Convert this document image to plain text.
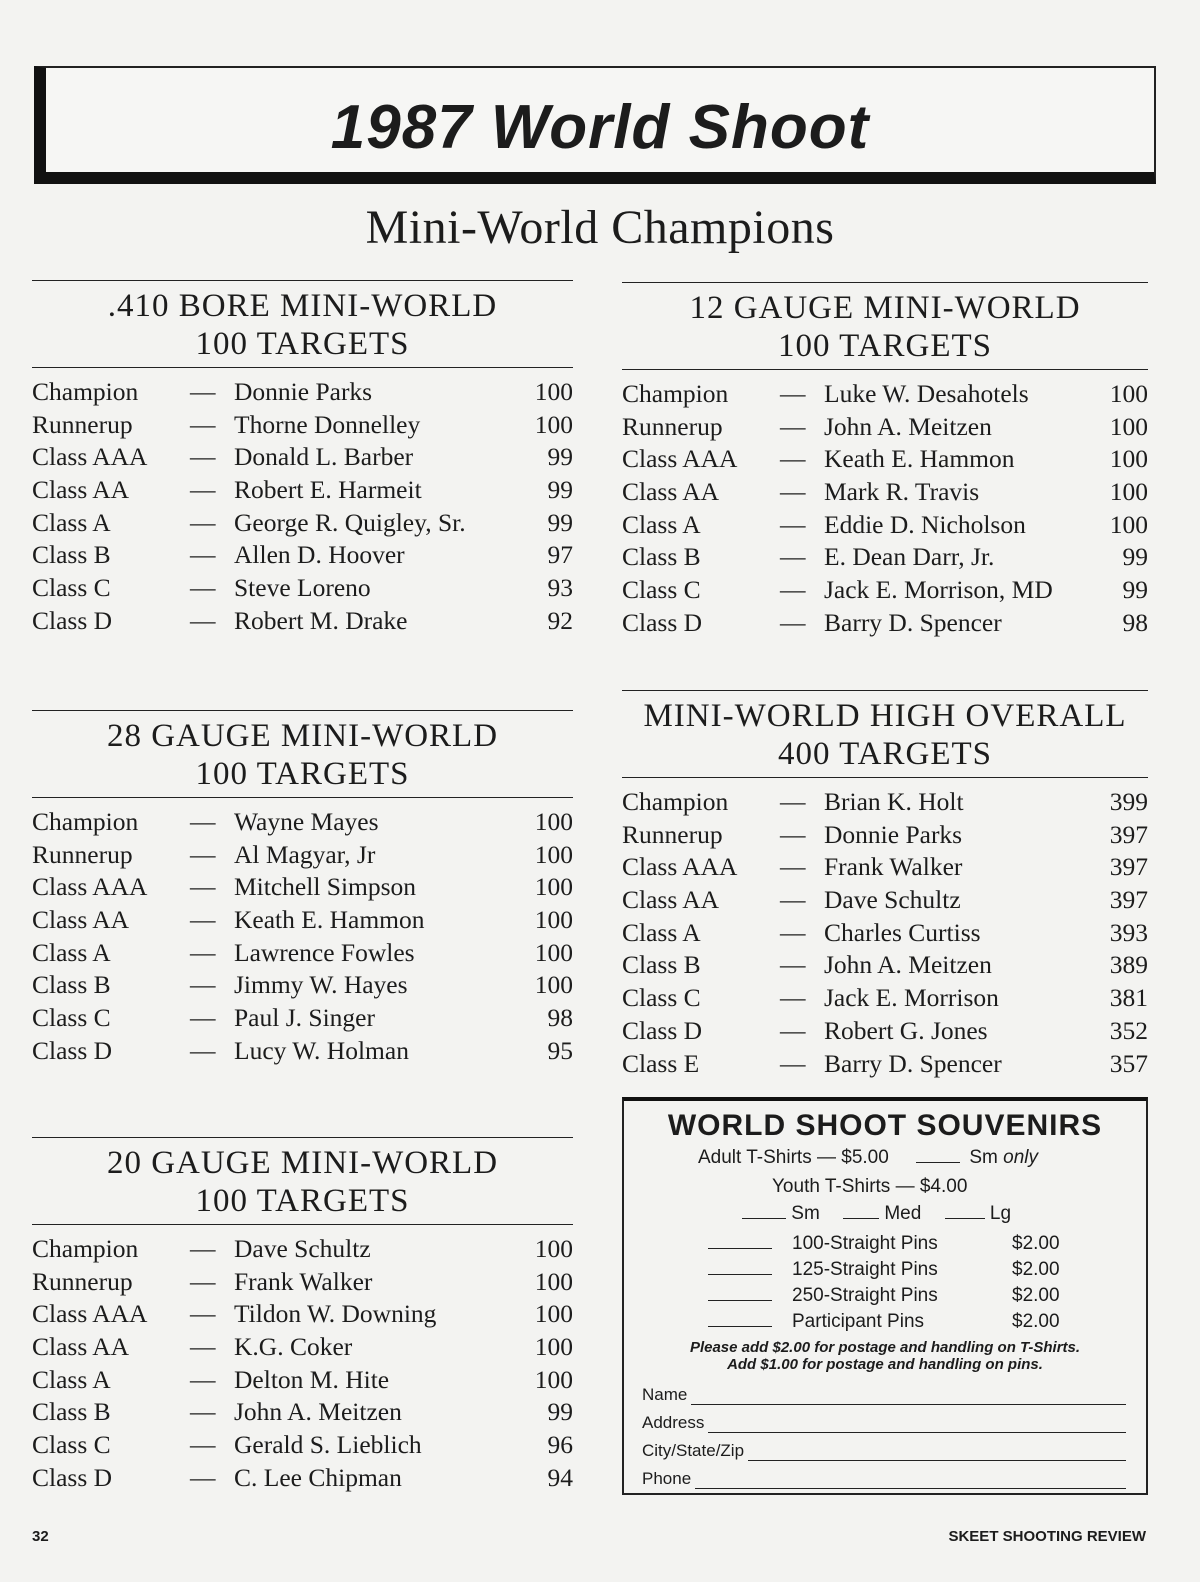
1987 World Shoot
Mini-World Champions
.410 BORE MINI-WORLD
100 TARGETS
Champion — Donnie Parks	100
Runnerup — Thorne Donnelley	100
Class AAA — Donald L. Barber	99
Class AA — Robert E. Harmeit	99
Class A	— George R. Quigley, Sr.	99
Class B	— Allen D. Hoover	97
Class C	— Steve Loreno	93
Class D	— Robert M. Drake	92
12 GAUGE MINI-WORLD
100 TARGETS
Champion — Luke W. Desahotels	100
Runnerup — John A. Meitzen	100
Class AAA — Keath E. Hammon	100
Class AA — Mark R. Travis	100
Class A	— Eddie D. Nicholson	100
Class B	— E. Dean Darr, Jr.	99
Class C	— Jack E. Morrison, MD	99
Class D	— Barry D. Spencer	98
28 GAUGE MINI-WORLD
100 TARGETS
Champion — Wayne Mayes	100
Runnerup — Al Magyar, Jr	100
Class AAA — Mitchell Simpson	100
Class AA — Keath E. Hammon	100
Class A	— Lawrence Fowles	100
Class B	— Jimmy W. Hayes	100
Class C	— Paul J. Singer	98
Class D	— Lucy W. Holman	95
MINI-WORLD HIGH OVERALL
400 TARGETS
Champion — Brian K. Holt	399
Runnerup — Donnie Parks	397
Class AAA — Frank Walker	397
Class AA — Dave Schultz	397
Class A	— Charles Curtiss	393
Class B	— John A. Meitzen	389
Class C	— Jack E. Morrison	381
Class D	— Robert G. Jones	352
Class E	— Barry D. Spencer	357
20 GAUGE MINI-WORLD
100 TARGETS
Champion — Dave Schultz	100
Runnerup — Frank Walker	100
Class AAA — Tildon W. Downing	100
Class AA — K.G. Coker	100
Class A	— Delton M. Hite	100
Class B	— John A. Meitzen	99
Class C	— Gerald S. Lieblich	96
Class D	— C. Lee Chipman	94
WORLD SHOOT SOUVENIRS
Adult T-Shirts — $5.00	Sm only
Youth T-Shirts — $4.00
Sm	Med	Lg
100-Straight Pins	$2.00
125-Straight Pins	$2.00
250-Straight Pins	$2.00
Participant Pins	$2.00
Please add $2.00 for postage and handling on T-Shirts.
Add $1.00 for postage and handling on pins.
Name
Address
City/State/Zip
Phone
32	SKEET SHOOTING REVIEW
